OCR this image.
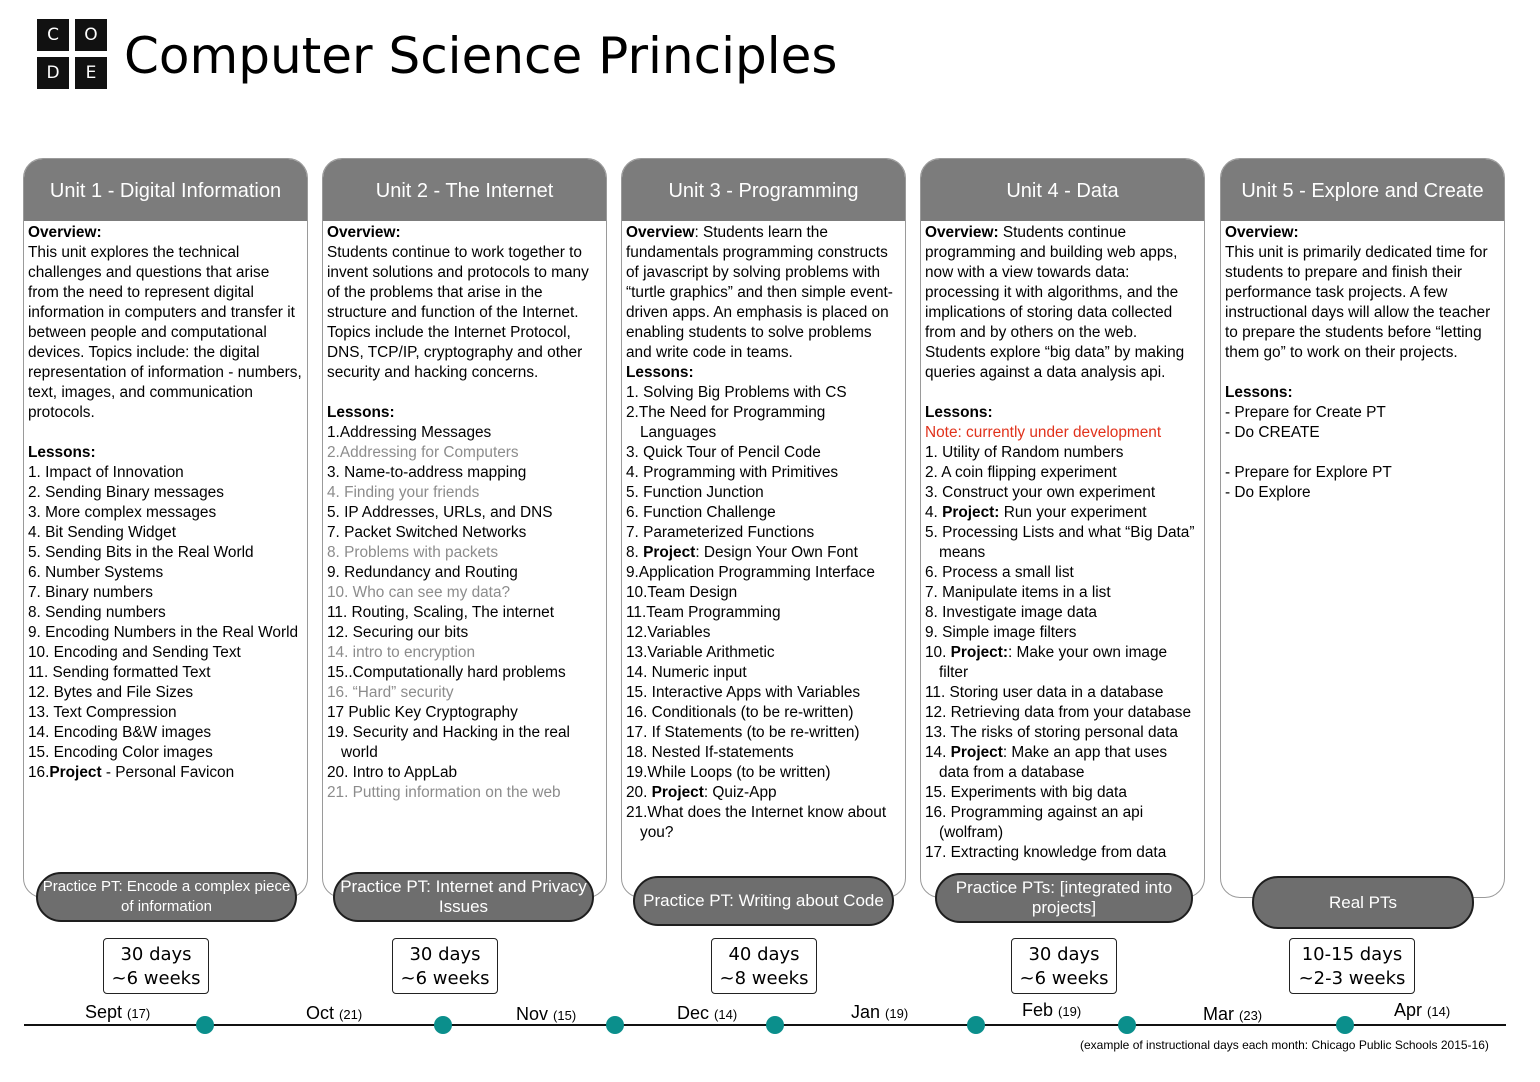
C	O
D	E Computer Science Principles
Unit 1 - Digital Information
Overview:

This unit explores the technical challenges and questions that arise from the need to represent digital information in computers and transfer it between people and computational devices. Topics include: the digital representation of information - numbers, text, images, and communication protocols.

Lessons:
1. Impact of Innovation
2. Sending Binary messages
3. More complex messages
4. Bit Sending Widget
5. Sending Bits in the Real World
6. Number Systems
7. Binary numbers
8. Sending numbers
9. Encoding Numbers in the Real World
10. Encoding and Sending Text
11. Sending formatted Text
12. Bytes and File Sizes
13. Text Compression
14. Encoding B&W images
15. Encoding Color images
16.Project - Personal Favicon
Unit 2 - The Internet
Overview:

Students continue to work together to invent solutions and protocols to many of the problems that arise in the structure and function of the Internet. Topics include the Internet Protocol, DNS, TCP/IP, cryptography and other security and hacking concerns.

Lessons:
1.Addressing Messages
2.Addressing for Computers
3. Name-to-address mapping
4. Finding your friends
5. IP Addresses, URLs, and DNS
7. Packet Switched Networks
8. Problems with packets
9. Redundancy and Routing
10. Who can see my data?
11. Routing, Scaling, The internet
12. Securing our bits
14. intro to encryption
15..Computationally hard problems
16. “Hard” security
17 Public Key Cryptography
19. Security and Hacking in the real world
20. Intro to AppLab
21. Putting information on the web
Unit 3 - Programming

Overview: Students learn the fundamentals programming constructs of javascript by solving problems with “turtle graphics” and then simple event-driven apps. An emphasis is placed on enabling students to solve problems and write code in teams.

Lessons:
1. Solving Big Problems with CS
2.The Need for Programming Languages
3. Quick Tour of Pencil Code
4. Programming with Primitives
5. Function Junction
6. Function Challenge
7. Parameterized Functions
8. Project: Design Your Own Font
9.Application Programming Interface
10.Team Design
11.Team Programming
12.Variables
13.Variable Arithmetic
14. Numeric input
15. Interactive Apps with Variables
16. Conditionals (to be re-written)
17. If Statements (to be re-written)
18. Nested If-statements
19.While Loops (to be written)
20. Project: Quiz-App
21.What does the Internet know about you?
Unit 4 - Data

Overview: Students continue programming and building web apps, now with a view towards data: processing it with algorithms, and the implications of storing data collected from and by others on the web. Students explore “big data” by making queries against a data analysis api.

Lessons:
Note: currently under development
1. Utility of Random numbers
2. A coin flipping experiment
3. Construct your own experiment
4. Project: Run your experiment
5. Processing Lists and what “Big Data” means
6. Process a small list
7. Manipulate items in a list
8. Investigate image data
9. Simple image filters
10. Project:: Make your own image filter
11. Storing user data in a database
12. Retrieving data from your database
13. The risks of storing personal data
14. Project: Make an app that uses data from a database
15. Experiments with big data
16. Programming against an api (wolfram)
17. Extracting knowledge from data
Unit 5 - Explore and Create
Overview:

This unit is primarily dedicated time for students to prepare and finish their performance task projects. A few instructional days will allow the teacher to prepare the students before “letting them go” to work on their projects.

Lessons:
- Prepare for Create PT
- Do CREATE
- Prepare for Explore PT
- Do Explore
Practice PT: Encode a complex piece of information
Practice PT: Internet and Privacy Issues	Practice PT: Writing about Code
Practice PTs: [integrated into projects]	Real PTs
30 days
~6 weeks
30 days
~6 weeks
40 days
~8 weeks
30 days
~6 weeks
10-15 days
~2-3 weeks
Sept (17)	Oct (21)	Nov (15)	Dec (14)	Jan (19)	Feb (19)	Mar (23)	Apr (14)
(example of instructional days each month: Chicago Public Schools 2015-16)
